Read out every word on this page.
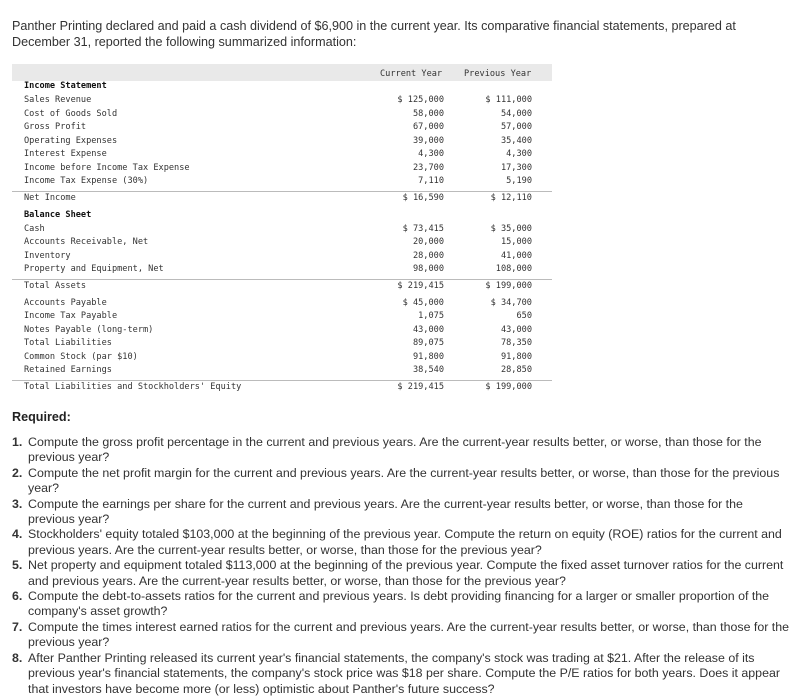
Panther Printing declared and paid a cash dividend of $6,900 in the current year. Its comparative financial statements, prepared at December 31, reported the following summarized information:
Current Year	Previous Year
Income Statement
Sales Revenue	$ 125,000	$ 111,000
Cost of Goods Sold	58,000	54,000
Gross Profit	67,000	57,000
Operating Expenses	39,000	35,400
Interest Expense	4,300	4,300
Income before Income Tax Expense	23,700	17,300
Income Tax Expense (30%)	7,110	5,190
Net Income	$ 16,590	$ 12,110
Balance Sheet
Cash	$ 73,415	$ 35,000
Accounts Receivable, Net	20,000	15,000
Inventory	28,000	41,000
Property and Equipment, Net	98,000	108,000
Total Assets	$ 219,415	$ 199,000
Accounts Payable	$ 45,000	$ 34,700
Income Tax Payable	1,075	650
Notes Payable (long-term)	43,000	43,000
Total Liabilities	89,075	78,350
Common Stock (par $10)	91,800	91,800
Retained Earnings	38,540	28,850
Total Liabilities and Stockholders' Equity	$ 219,415	$ 199,000
Required:
1. Compute the gross profit percentage in the current and previous years. Are the current-year results better, or worse, than those for the previous year?
2. Compute the net profit margin for the current and previous years. Are the current-year results better, or worse, than those for the previous year?
3. Compute the earnings per share for the current and previous years. Are the current-year results better, or worse, than those for the previous year?
4. Stockholders' equity totaled $103,000 at the beginning of the previous year. Compute the return on equity (ROE) ratios for the current and previous years. Are the current-year results better, or worse, than those for the previous year?
5. Net property and equipment totaled $113,000 at the beginning of the previous year. Compute the fixed asset turnover ratios for the current and previous years. Are the current-year results better, or worse, than those for the previous year?
6. Compute the debt-to-assets ratios for the current and previous years. Is debt providing financing for a larger or smaller proportion of the company's asset growth?
7. Compute the times interest earned ratios for the current and previous years. Are the current-year results better, or worse, than those for the previous year?
8. After Panther Printing released its current year's financial statements, the company's stock was trading at $21. After the release of its previous year's financial statements, the company's stock price was $18 per share. Compute the P/E ratios for both years. Does it appear that investors have become more (or less) optimistic about Panther's future success?
